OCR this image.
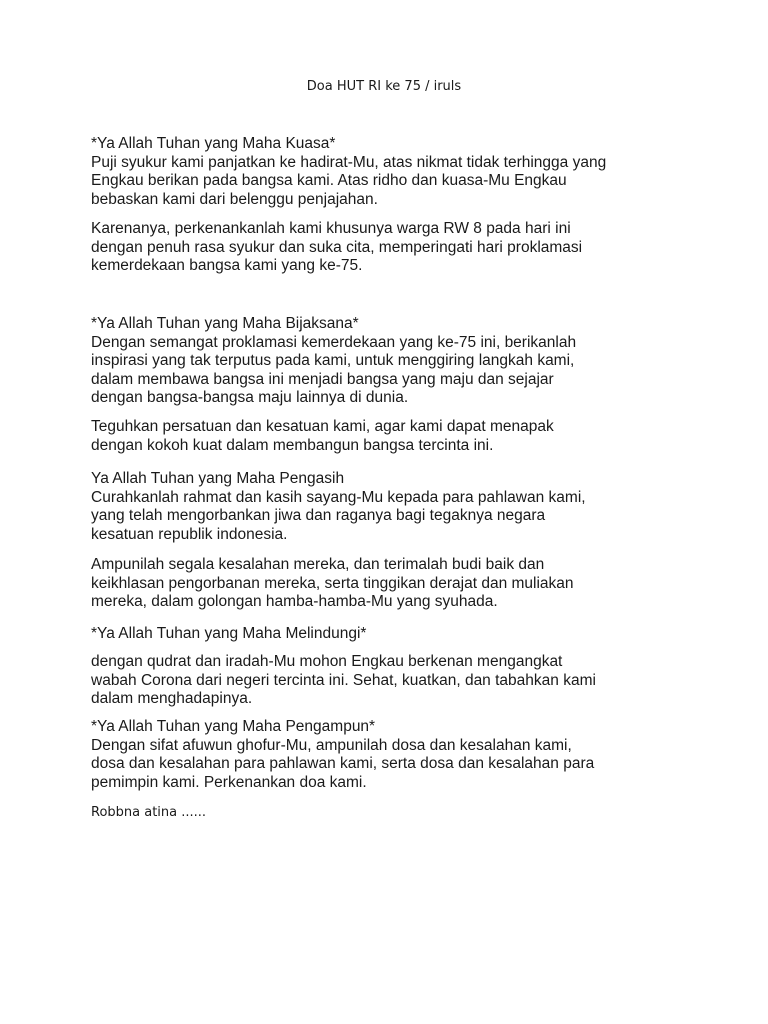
Doa HUT RI ke 75 / iruls
*Ya Allah Tuhan yang Maha Kuasa*
Puji syukur kami panjatkan ke hadirat-Mu, atas nikmat tidak terhingga yang
Engkau berikan pada bangsa kami. Atas ridho dan kuasa-Mu Engkau
bebaskan kami dari belenggu penjajahan.
Karenanya, perkenankanlah kami khusunya warga RW 8 pada hari ini
dengan penuh rasa syukur dan suka cita, memperingati hari proklamasi
kemerdekaan bangsa kami yang ke-75.
*Ya Allah Tuhan yang Maha Bijaksana*
Dengan semangat proklamasi kemerdekaan yang ke-75 ini, berikanlah
inspirasi yang tak terputus pada kami, untuk menggiring langkah kami,
dalam membawa bangsa ini menjadi bangsa yang maju dan sejajar
dengan bangsa-bangsa maju lainnya di dunia.
Teguhkan persatuan dan kesatuan kami, agar kami dapat menapak
dengan kokoh kuat dalam membangun bangsa tercinta ini.
Ya Allah Tuhan yang Maha Pengasih
Curahkanlah rahmat dan kasih sayang-Mu kepada para pahlawan kami,
yang telah mengorbankan jiwa dan raganya bagi tegaknya negara
kesatuan republik indonesia.
Ampunilah segala kesalahan mereka, dan terimalah budi baik dan
keikhlasan pengorbanan mereka, serta tinggikan derajat dan muliakan
mereka, dalam golongan hamba-hamba-Mu yang syuhada.
*Ya Allah Tuhan yang Maha Melindungi*
dengan qudrat dan iradah-Mu mohon Engkau berkenan mengangkat
wabah Corona dari negeri tercinta ini. Sehat, kuatkan, dan tabahkan kami
dalam menghadapinya.
*Ya Allah Tuhan yang Maha Pengampun*
Dengan sifat afuwun ghofur-Mu, ampunilah dosa dan kesalahan kami,
dosa dan kesalahan para pahlawan kami, serta dosa dan kesalahan para
pemimpin kami. Perkenankan doa kami.
Robbna atina ......
